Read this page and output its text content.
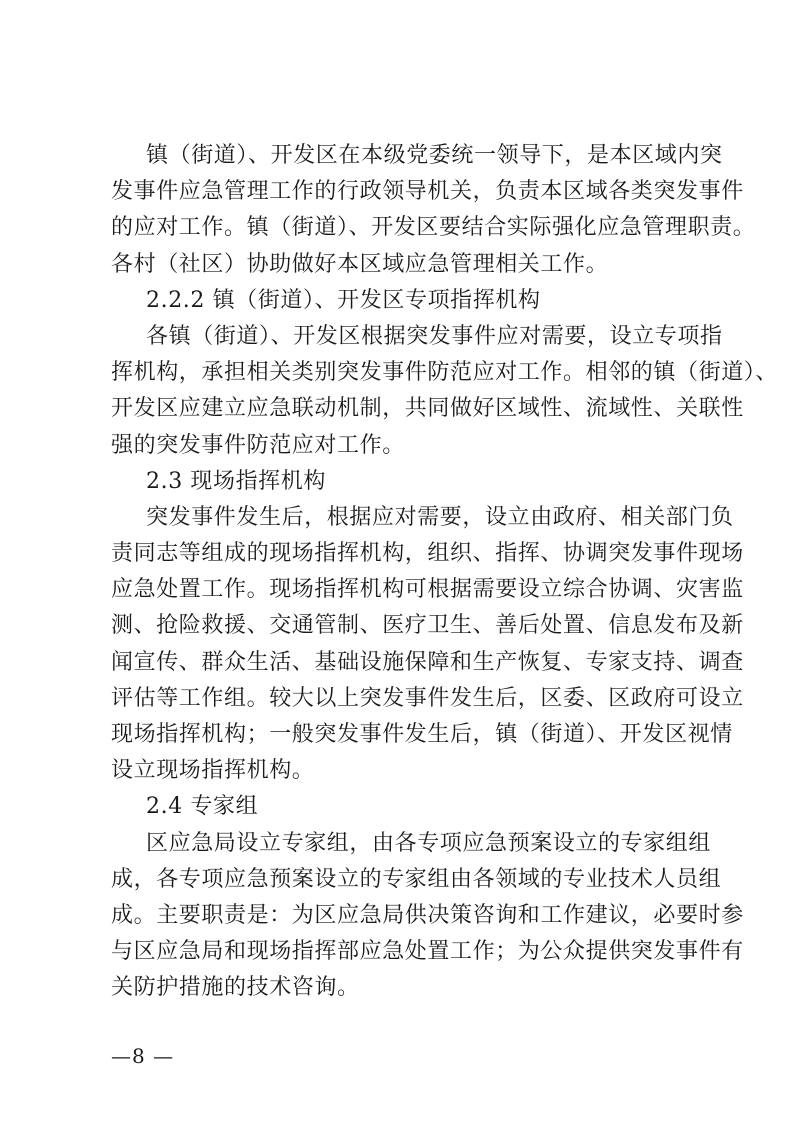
镇（街道）、开发区在本级党委统一领导下，是本区域内突
发事件应急管理工作的行政领导机关，负责本区域各类突发事件
的应对工作。镇（街道）、开发区要结合实际强化应急管理职责。
各村（社区）协助做好本区域应急管理相关工作。
2.2.2 镇（街道）、开发区专项指挥机构
各镇（街道）、开发区根据突发事件应对需要，设立专项指
挥机构，承担相关类别突发事件防范应对工作。相邻的镇（街道）、
开发区应建立应急联动机制，共同做好区域性、流域性、关联性
强的突发事件防范应对工作。
2.3 现场指挥机构
突发事件发生后，根据应对需要，设立由政府、相关部门负
责同志等组成的现场指挥机构，组织、指挥、协调突发事件现场
应急处置工作。现场指挥机构可根据需要设立综合协调、灾害监
测、抢险救援、交通管制、医疗卫生、善后处置、信息发布及新
闻宣传、群众生活、基础设施保障和生产恢复、专家支持、调查
评估等工作组。较大以上突发事件发生后，区委、区政府可设立
现场指挥机构；一般突发事件发生后，镇（街道）、开发区视情
设立现场指挥机构。
2.4 专家组
区应急局设立专家组，由各专项应急预案设立的专家组组
成，各专项应急预案设立的专家组由各领域的专业技术人员组
成。主要职责是：为区应急局供决策咨询和工作建议，必要时参
与区应急局和现场指挥部应急处置工作；为公众提供突发事件有
关防护措施的技术咨询。
—8 —
